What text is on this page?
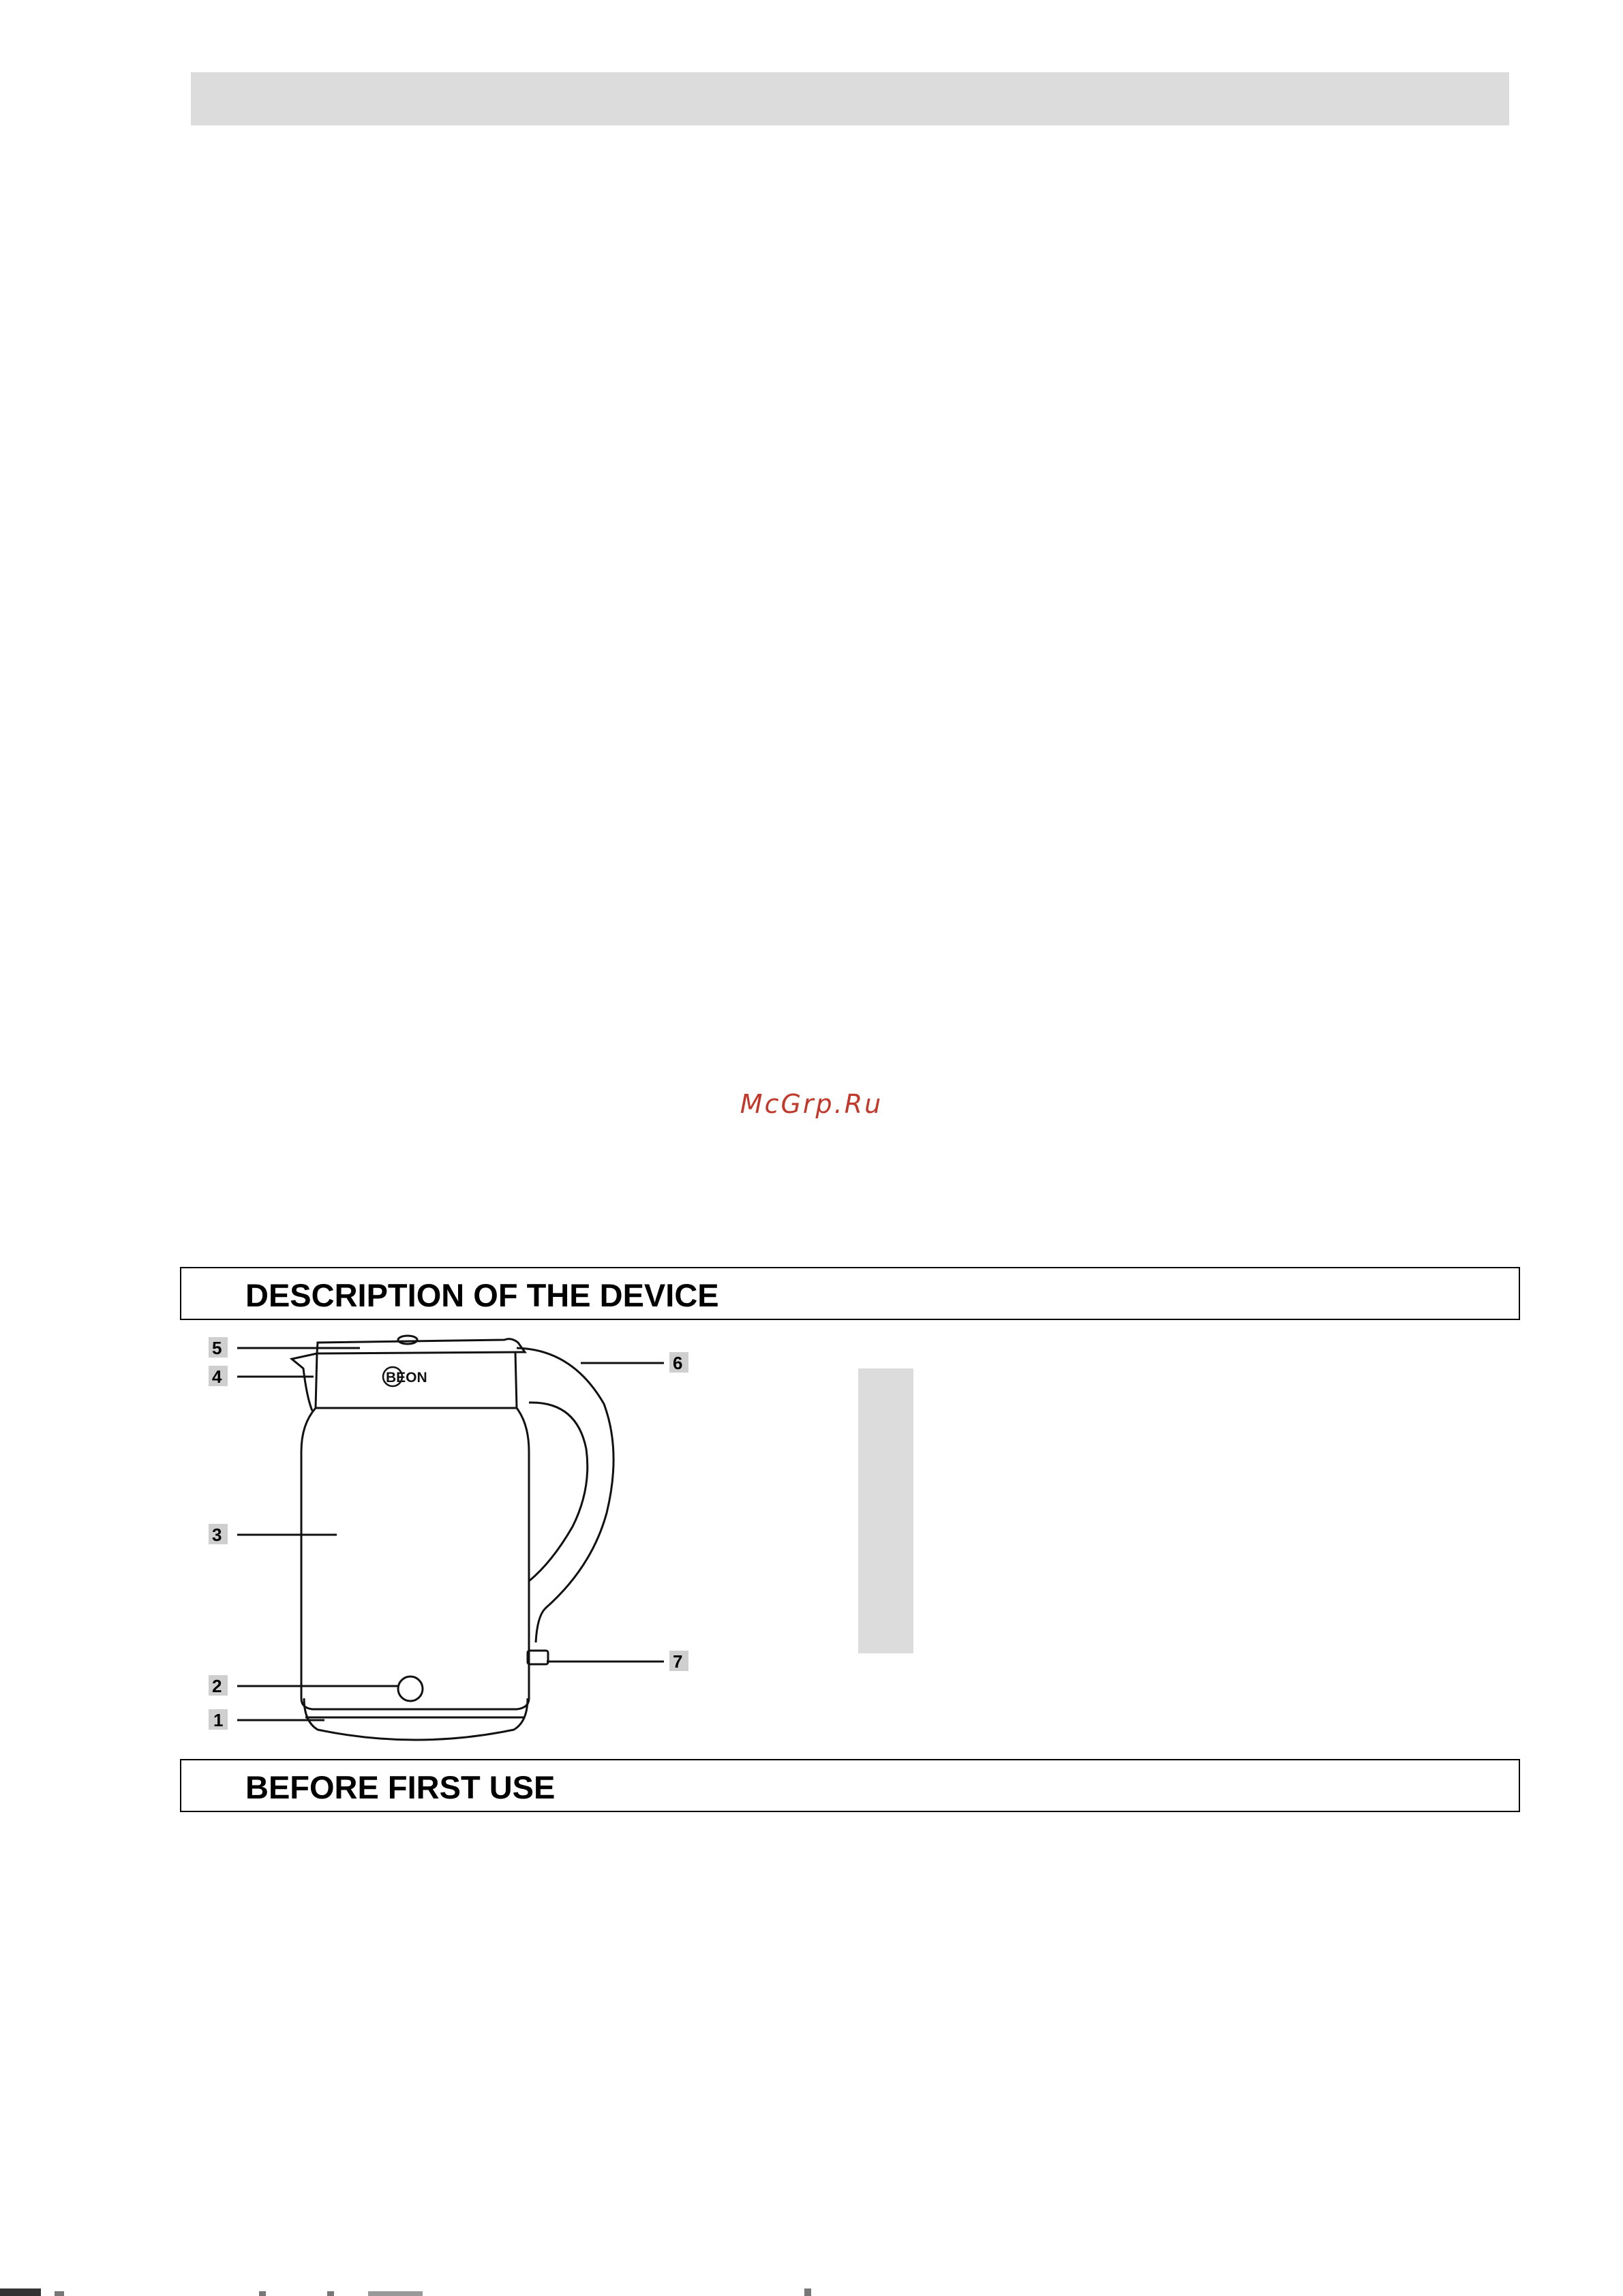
McGrp.Ru
DESCRIPTION OF THE DEVICE
BEON
5
4
3
2
1
6
7
BEFORE FIRST USE
